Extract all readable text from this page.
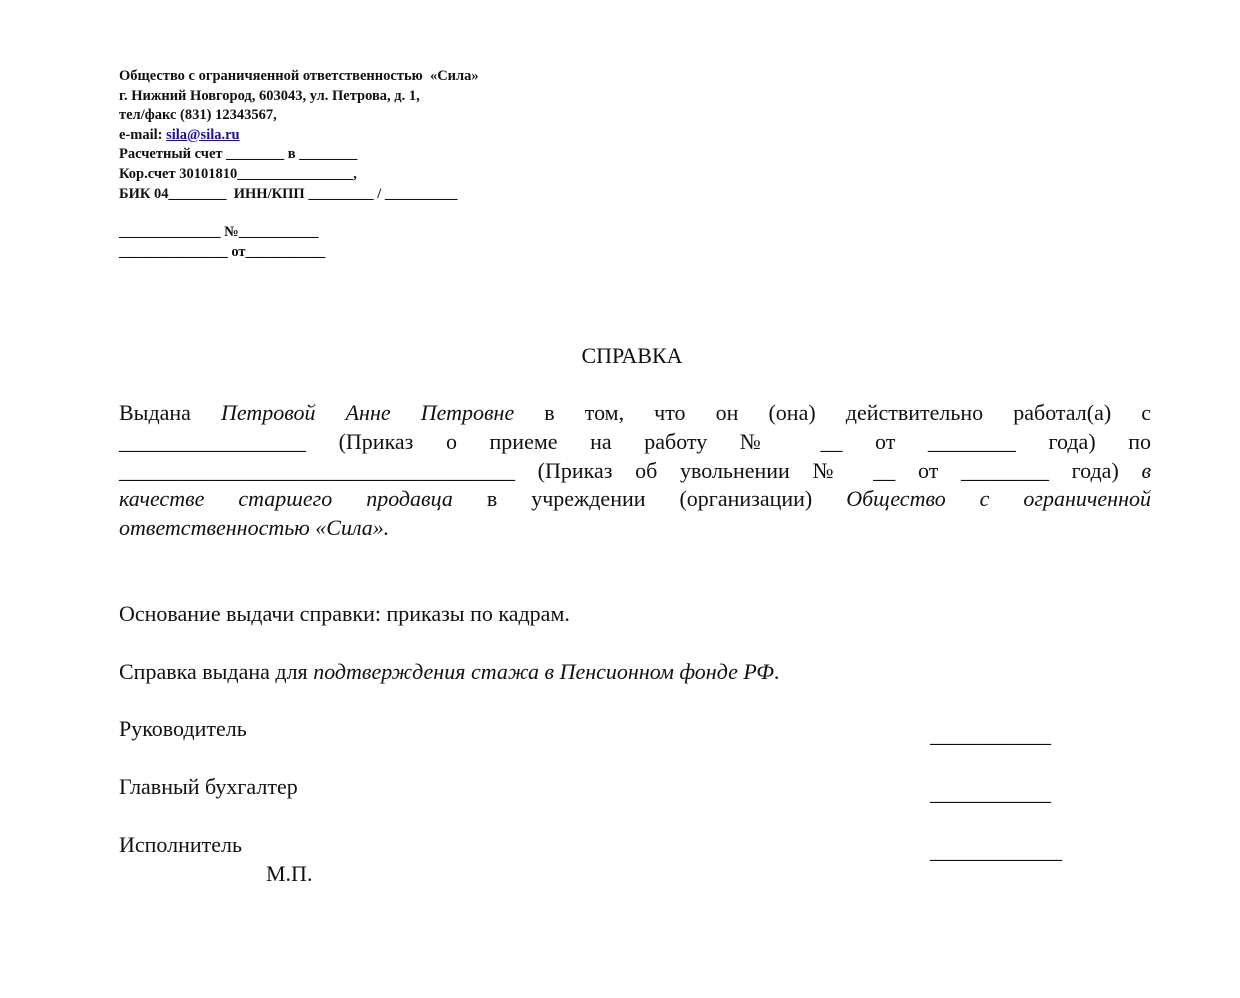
Общество с ограничяенной ответственностью  «Сила»
г. Нижний Новгород, 603043, ул. Петрова, д. 1,
тел/факс (831) 12343567,
e-mail: sila@sila.ru
Расчетный счет ________ в ________
Кор.счет 30101810________________,
БИК 04________  ИНН/КПП _________ / __________
______________ №___________
_______________ от___________
СПРАВКА
Выдана Петровой Анне Петровне в том, что он (она) действительно работал(а) с
_________________ (Приказ о приеме на работу № __ от ________ года) по
____________________________________ (Приказ об увольнении № __ от ________ года) в
качестве старшего продавца в учреждении (организации) Общество с ограниченной
ответственностью «Сила».
Основание выдачи справки: приказы по кадрам.
Справка выдана для подтверждения стажа в Пенсионном фонде РФ.
Руководитель	___________
Главный бухгалтер	___________
Исполнитель	____________
М.П.
